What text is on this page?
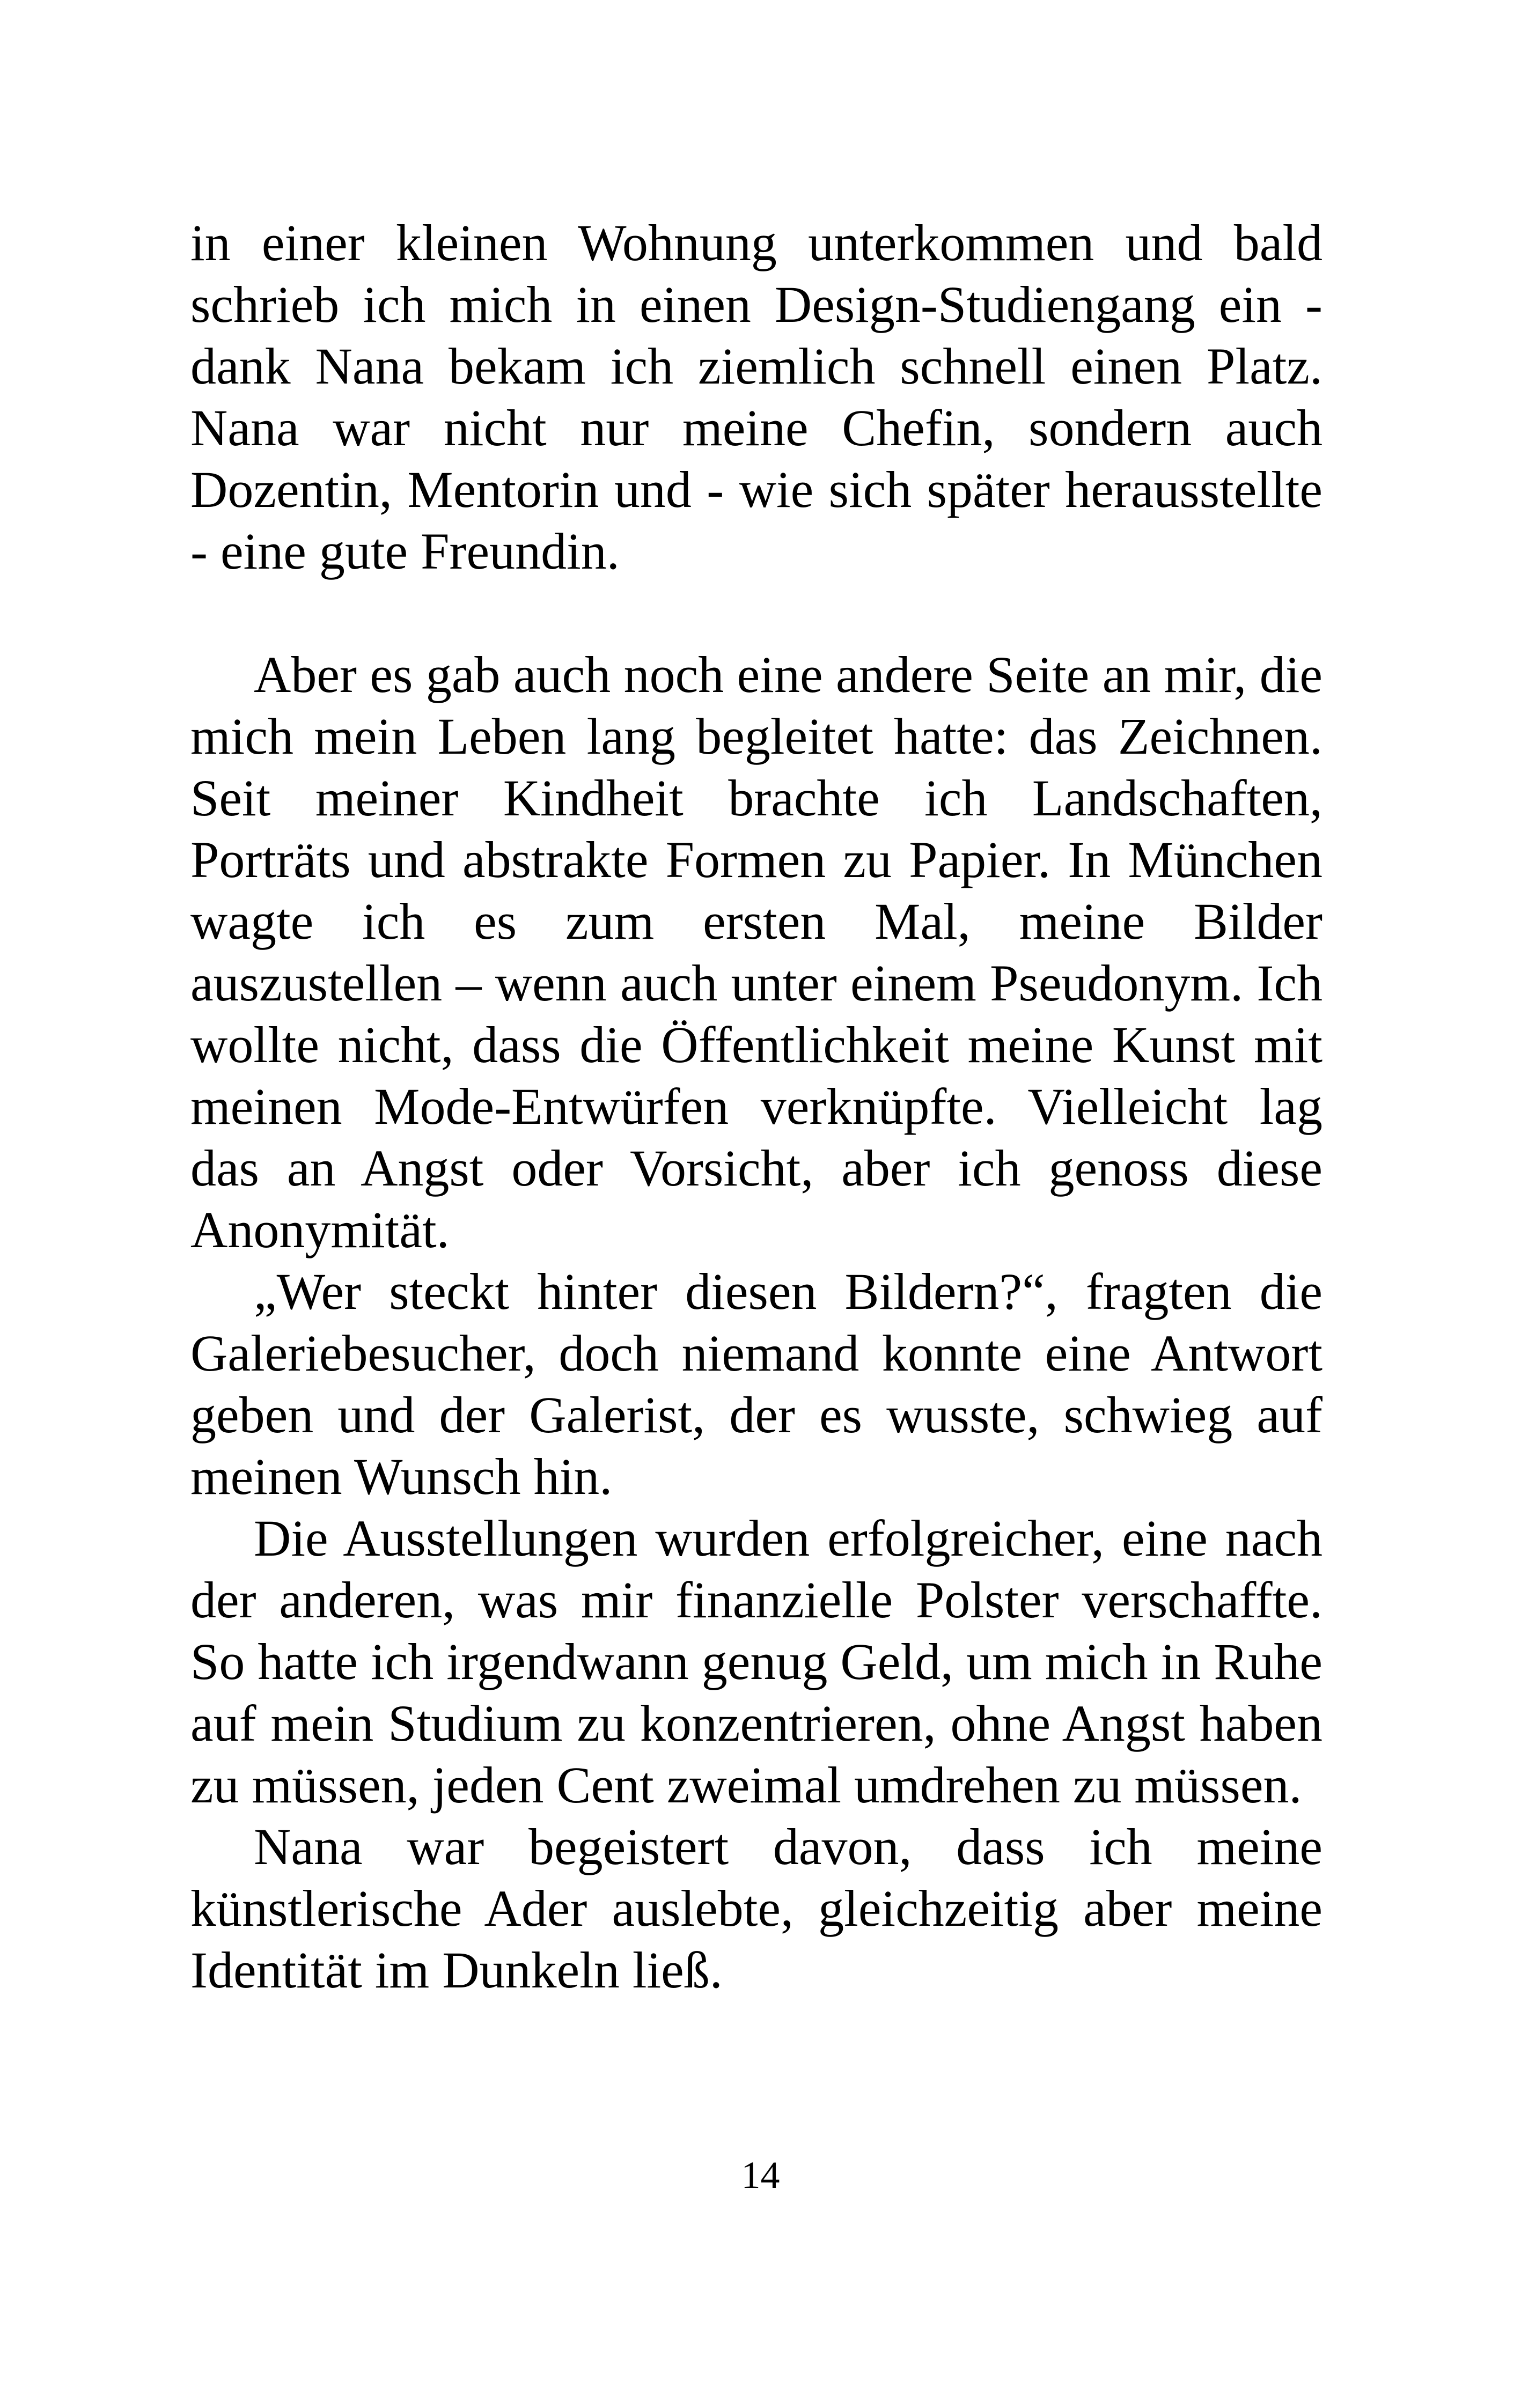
in einer kleinen Wohnung unterkommen und bald schrieb ich mich in einen Design-Studiengang ein - dank Nana bekam ich ziemlich schnell einen Platz. Nana war nicht nur meine Chefin, sondern auch Dozentin, Mentorin und - wie sich später herausstellte - eine gute Freundin.

Aber es gab auch noch eine andere Seite an mir, die mich mein Leben lang begleitet hatte: das Zeichnen. Seit meiner Kindheit brachte ich Landschaften, Porträts und abstrakte Formen zu Papier. In München wagte ich es zum ersten Mal, meine Bilder auszustellen – wenn auch unter einem Pseudonym. Ich wollte nicht, dass die Öffentlichkeit meine Kunst mit meinen Mode-Entwürfen verknüpfte. Vielleicht lag das an Angst oder Vorsicht, aber ich genoss diese Anonymität.

„Wer steckt hinter diesen Bildern?“, fragten die Galeriebesucher, doch niemand konnte eine Antwort geben und der Galerist, der es wusste, schwieg auf meinen Wunsch hin.

Die Ausstellungen wurden erfolgreicher, eine nach der anderen, was mir finanzielle Polster verschaffte. So hatte ich irgendwann genug Geld, um mich in Ruhe auf mein Studium zu konzentrieren, ohne Angst haben zu müssen, jeden Cent zweimal umdrehen zu müssen.

Nana war begeistert davon, dass ich meine künstlerische Ader auslebte, gleichzeitig aber meine Identität im Dunkeln ließ.

14
